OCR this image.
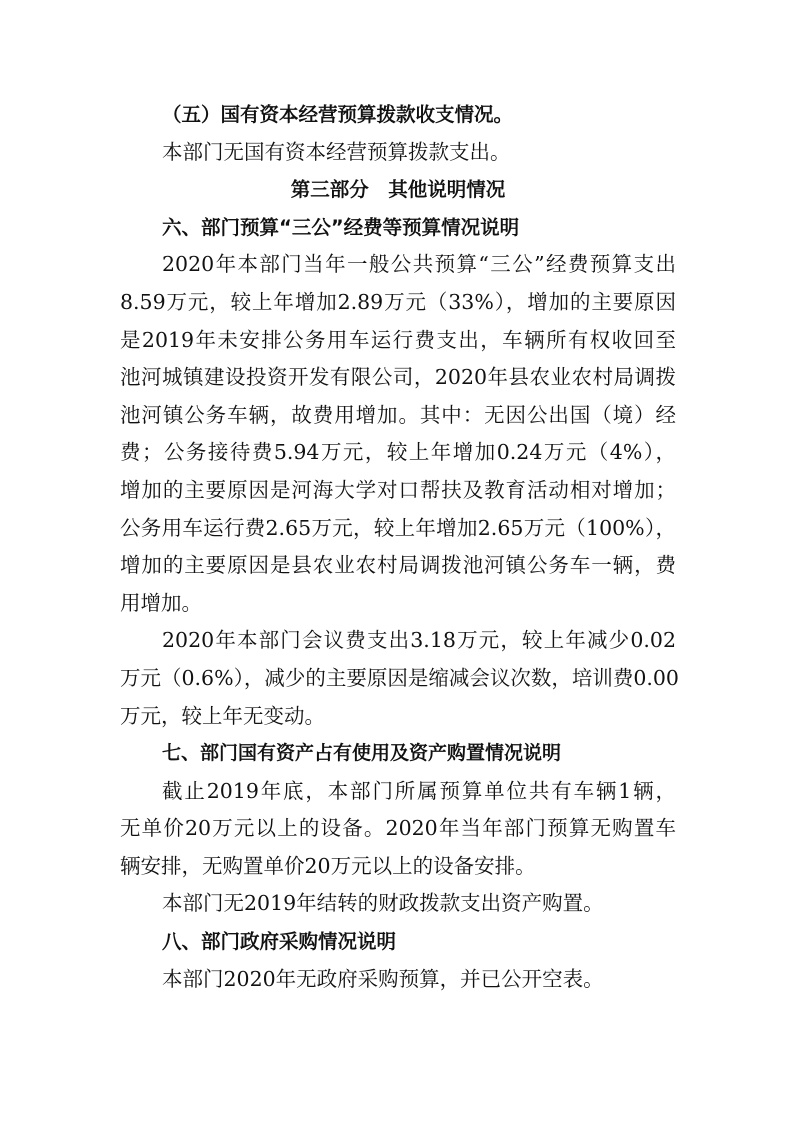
（五）国有资本经营预算拨款收支情况。
本部门无国有资本经营预算拨款支出。
第三部分　其他说明情况
六、部门预算“三公”经费等预算情况说明
2020年本部门当年一般公共预算“三公”经费预算支出
8.59万元，较上年增加2.89万元（33%），增加的主要原因
是2019年未安排公务用车运行费支出，车辆所有权收回至
池河城镇建设投资开发有限公司，2020年县农业农村局调拨
池河镇公务车辆，故费用增加。其中：无因公出国（境）经
费；公务接待费5.94万元，较上年增加0.24万元（4%），
增加的主要原因是河海大学对口帮扶及教育活动相对增加；
公务用车运行费2.65万元，较上年增加2.65万元（100%），
增加的主要原因是县农业农村局调拨池河镇公务车一辆，费
用增加。
2020年本部门会议费支出3.18万元，较上年减少0.02
万元（0.6%），减少的主要原因是缩减会议次数，培训费0.00
万元，较上年无变动。
七、部门国有资产占有使用及资产购置情况说明
截止2019年底，本部门所属预算单位共有车辆1辆，
无单价20万元以上的设备。2020年当年部门预算无购置车
辆安排，无购置单价20万元以上的设备安排。
本部门无2019年结转的财政拨款支出资产购置。
八、部门政府采购情况说明
本部门2020年无政府采购预算，并已公开空表。
